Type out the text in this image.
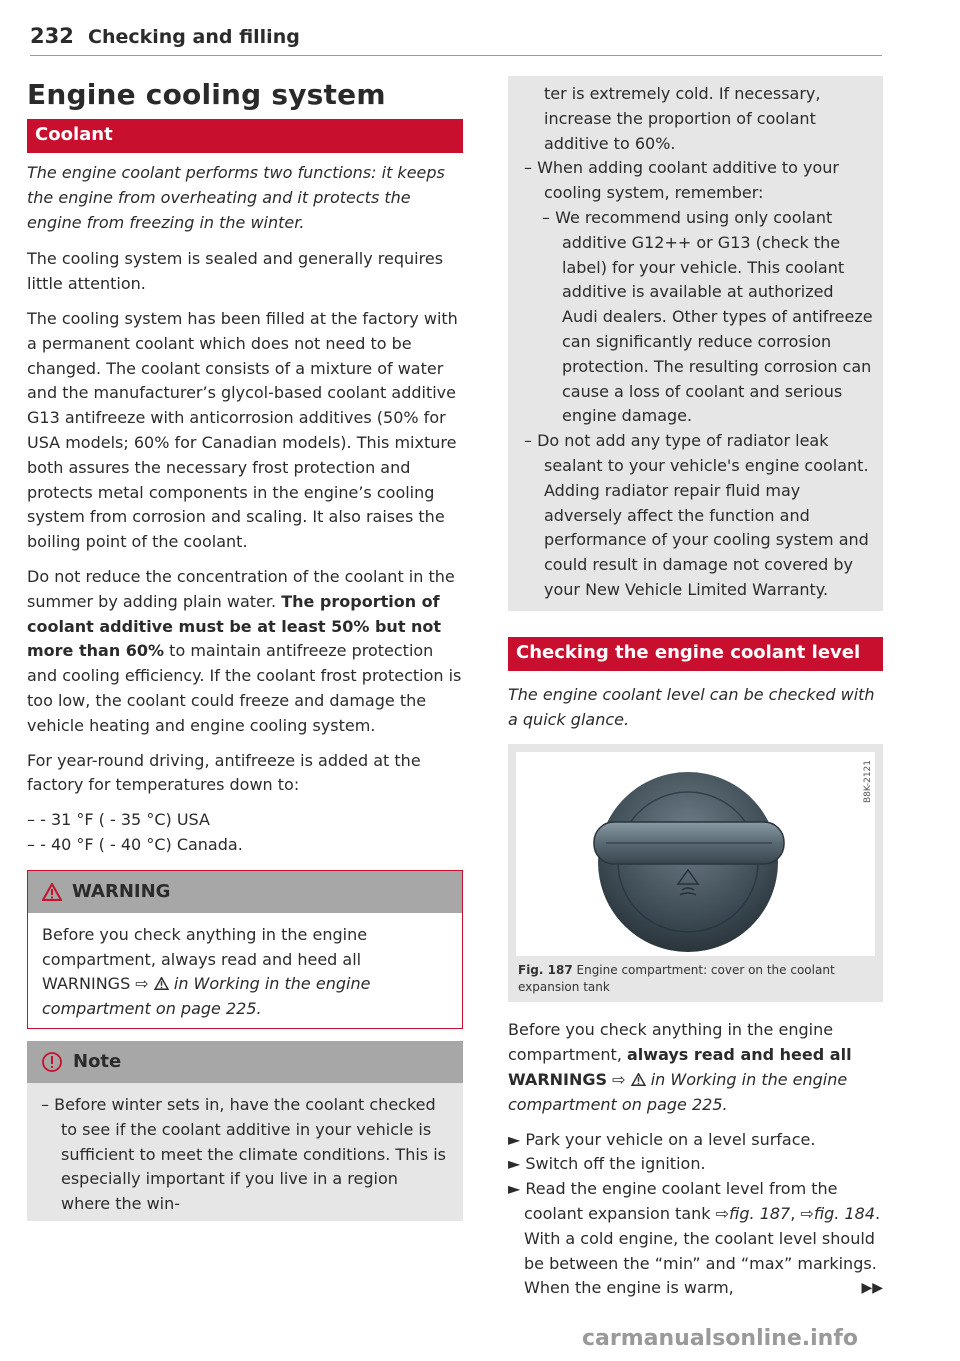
232 Checking and filling
Engine cooling system
Coolant

The engine coolant performs two functions: it keeps the engine from overheating and it protects the engine from freezing in the winter.

The cooling system is sealed and generally requires little attention.

The cooling system has been filled at the factory with a permanent coolant which does not need to be changed. The coolant consists of a mixture of water and the manufacturer’s glycol-based coolant additive G13 antifreeze with anticorrosion additives (50% for USA models; 60% for Canadian models). This mixture both assures the necessary frost protection and protects metal components in the engine’s cooling system from corrosion and scaling. It also raises the boiling point of the coolant.

Do not reduce the concentration of the coolant in the summer by adding plain water. The proportion of coolant additive must be at least 50% but not more than 60% to maintain antifreeze protection and cooling efficiency. If the coolant frost protection is too low, the coolant could freeze and damage the vehicle heating and engine cooling system.

For year-round driving, antifreeze is added at the factory for temperatures down to:

– - 31 °F ( - 35 °C) USA
– - 40 °F ( - 40 °C) Canada.
WARNING
Before you check anything in the engine compartment, always read and heed all WARNINGS ⇨  in Working in the engine compartment on page 225.
Note
– Before winter sets in, have the coolant checked to see if the coolant additive in your vehicle is sufficient to meet the climate conditions. This is especially important if you live in a region where the win-
ter is extremely cold. If necessary, increase the proportion of coolant additive to 60%.
– When adding coolant additive to your cooling system, remember:
– We recommend using only coolant additive G12++ or G13 (check the label) for your vehicle. This coolant additive is available at authorized Audi dealers. Other types of antifreeze can significantly reduce corrosion protection. The resulting corrosion can cause a loss of coolant and serious engine damage.
– Do not add any type of radiator leak sealant to your vehicle's engine coolant. Adding radiator repair fluid may adversely affect the function and performance of your cooling system and could result in damage not covered by your New Vehicle Limited Warranty.
Checking the engine coolant level

The engine coolant level can be checked with a quick glance.

B8K-2121
Fig. 187 Engine compartment: cover on the coolant expansion tank

Before you check anything in the engine compartment, always read and heed all WARNINGS ⇨  in Working in the engine compartment on page 225.

► Park your vehicle on a level surface.
► Switch off the ignition.
► Read the engine coolant level from the coolant expansion tank ⇨fig. 187, ⇨fig. 184. With a cold engine, the coolant level should be between the “min” and “max” markings. When the engine is warm,	▶▶
carmanualsonline.info
